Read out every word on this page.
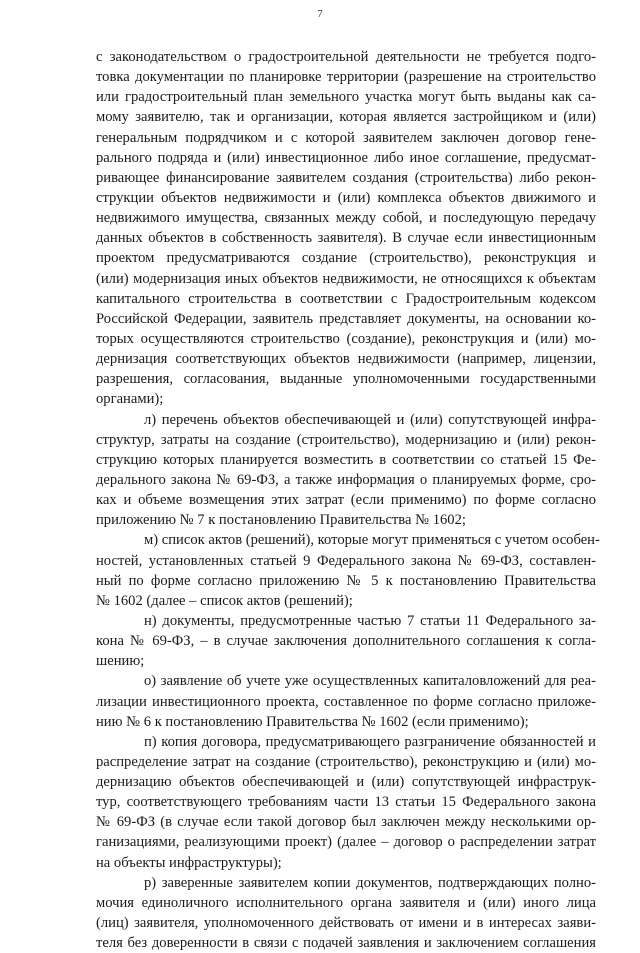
7
с законодательством о градостроительной деятельности не требуется подго-
товка документации по планировке территории (разрешение на строительство
или градостроительный план земельного участка могут быть выданы как са-
мому заявителю, так и организации, которая является застройщиком и (или)
генеральным подрядчиком и с которой заявителем заключен договор гене-
рального подряда и (или) инвестиционное либо иное соглашение, предусмат-
ривающее финансирование заявителем создания (строительства) либо рекон-
струкции объектов недвижимости и (или) комплекса объектов движимого и
недвижимого имущества, связанных между собой, и последующую передачу
данных объектов в собственность заявителя). В случае если инвестиционным
проектом предусматриваются создание (строительство), реконструкция и
(или) модернизация иных объектов недвижимости, не относящихся к объектам
капитального строительства в соответствии с Градостроительным кодексом
Российской Федерации, заявитель представляет документы, на основании ко-
торых осуществляются строительство (создание), реконструкция и (или) мо-
дернизация соответствующих объектов недвижимости (например, лицензии,
разрешения, согласования, выданные уполномоченными государственными
органами);
л) перечень объектов обеспечивающей и (или) сопутствующей инфра-
структур, затраты на создание (строительство), модернизацию и (или) рекон-
струкцию которых планируется возместить в соответствии со статьей 15 Фе-
дерального закона № 69-ФЗ, а также информация о планируемых форме, сро-
ках и объеме возмещения этих затрат (если применимо) по форме согласно
приложению № 7 к постановлению Правительства № 1602;
м) список актов (решений), которые могут применяться с учетом особен-
ностей, установленных статьей 9 Федерального закона № 69-ФЗ, составлен-
ный по форме согласно приложению № 5 к постановлению Правительства
№ 1602 (далее – список актов (решений);
н) документы, предусмотренные частью 7 статьи 11 Федерального за-
кона № 69-ФЗ, – в случае заключения дополнительного соглашения к согла-
шению;
о) заявление об учете уже осуществленных капиталовложений для реа-
лизации инвестиционного проекта, составленное по форме согласно приложе-
нию № 6 к постановлению Правительства № 1602 (если применимо);
п) копия договора, предусматривающего разграничение обязанностей и
распределение затрат на создание (строительство), реконструкцию и (или) мо-
дернизацию объектов обеспечивающей и (или) сопутствующей инфраструк-
тур, соответствующего требованиям части 13 статьи 15 Федерального закона
№ 69-ФЗ (в случае если такой договор был заключен между несколькими ор-
ганизациями, реализующими проект) (далее – договор о распределении затрат
на объекты инфраструктуры);
р) заверенные заявителем копии документов, подтверждающих полно-
мочия единоличного исполнительного органа заявителя и (или) иного лица
(лиц) заявителя, уполномоченного действовать от имени и в интересах заяви-
теля без доверенности в связи с подачей заявления и заключением соглашения
